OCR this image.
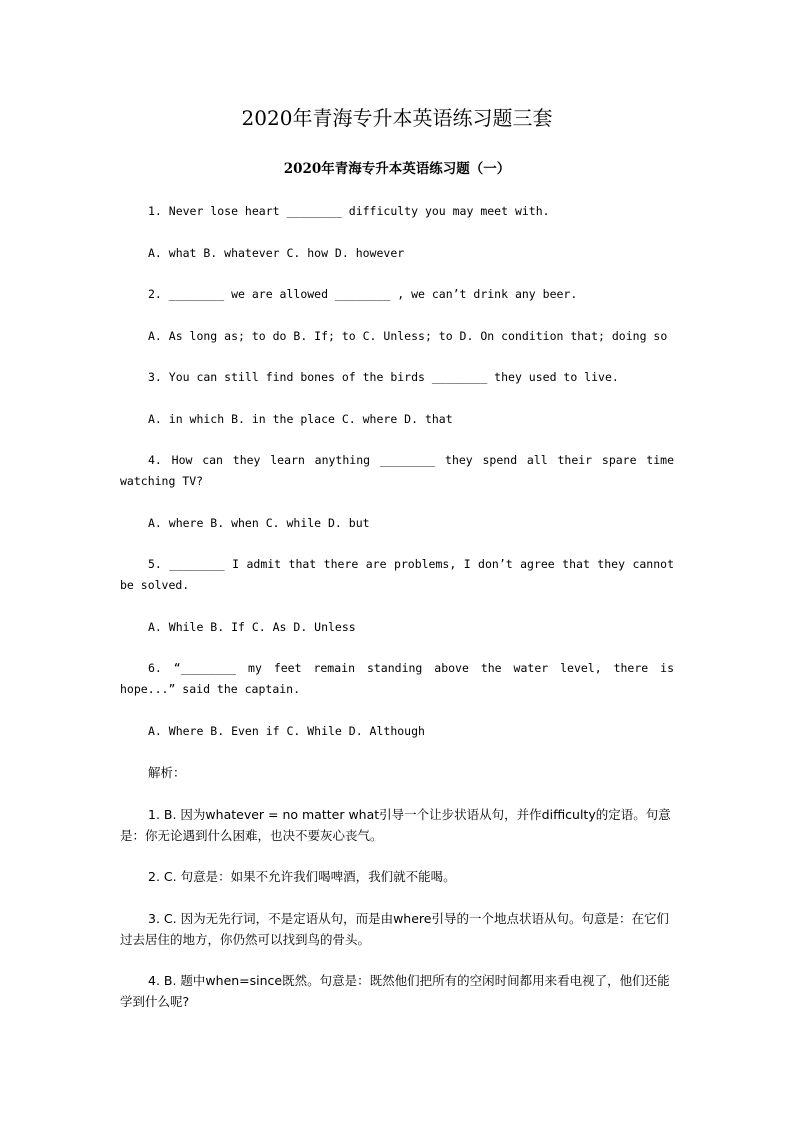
2020年青海专升本英语练习题三套
2020年青海专升本英语练习题（一）

1. Never lose heart ________ difficulty you may meet with.

A. what B. whatever C. how D. however

2. ________ we are allowed ________ , we can’t drink any beer.

A. As long as; to do B. If; to C. Unless; to D. On condition that; doing so

3. You can still find bones of the birds ________ they used to live.

A. in which B. in the place C. where D. that

4. How can they learn anything ________ they spend all their spare time watching TV?

A. where B. when C. while D. but

5. ________ I admit that there are problems, I don’t agree that they cannot be solved.

A. While B. If C. As D. Unless

6. “________ my feet remain standing above the water level, there is hope...” said the captain.

A. Where B. Even if C. While D. Although

解析：

1. B. 因为whatever = no matter what引导一个让步状语从句，并作difficulty的定语。句意是：你无论遇到什么困难，也决不要灰心丧气。

2. C. 句意是：如果不允许我们喝啤酒，我们就不能喝。

3. C. 因为无先行词，不是定语从句，而是由where引导的一个地点状语从句。句意是：在它们过去居住的地方，你仍然可以找到鸟的骨头。

4. B. 题中when=since既然。句意是：既然他们把所有的空闲时间都用来看电视了，他们还能学到什么呢?
